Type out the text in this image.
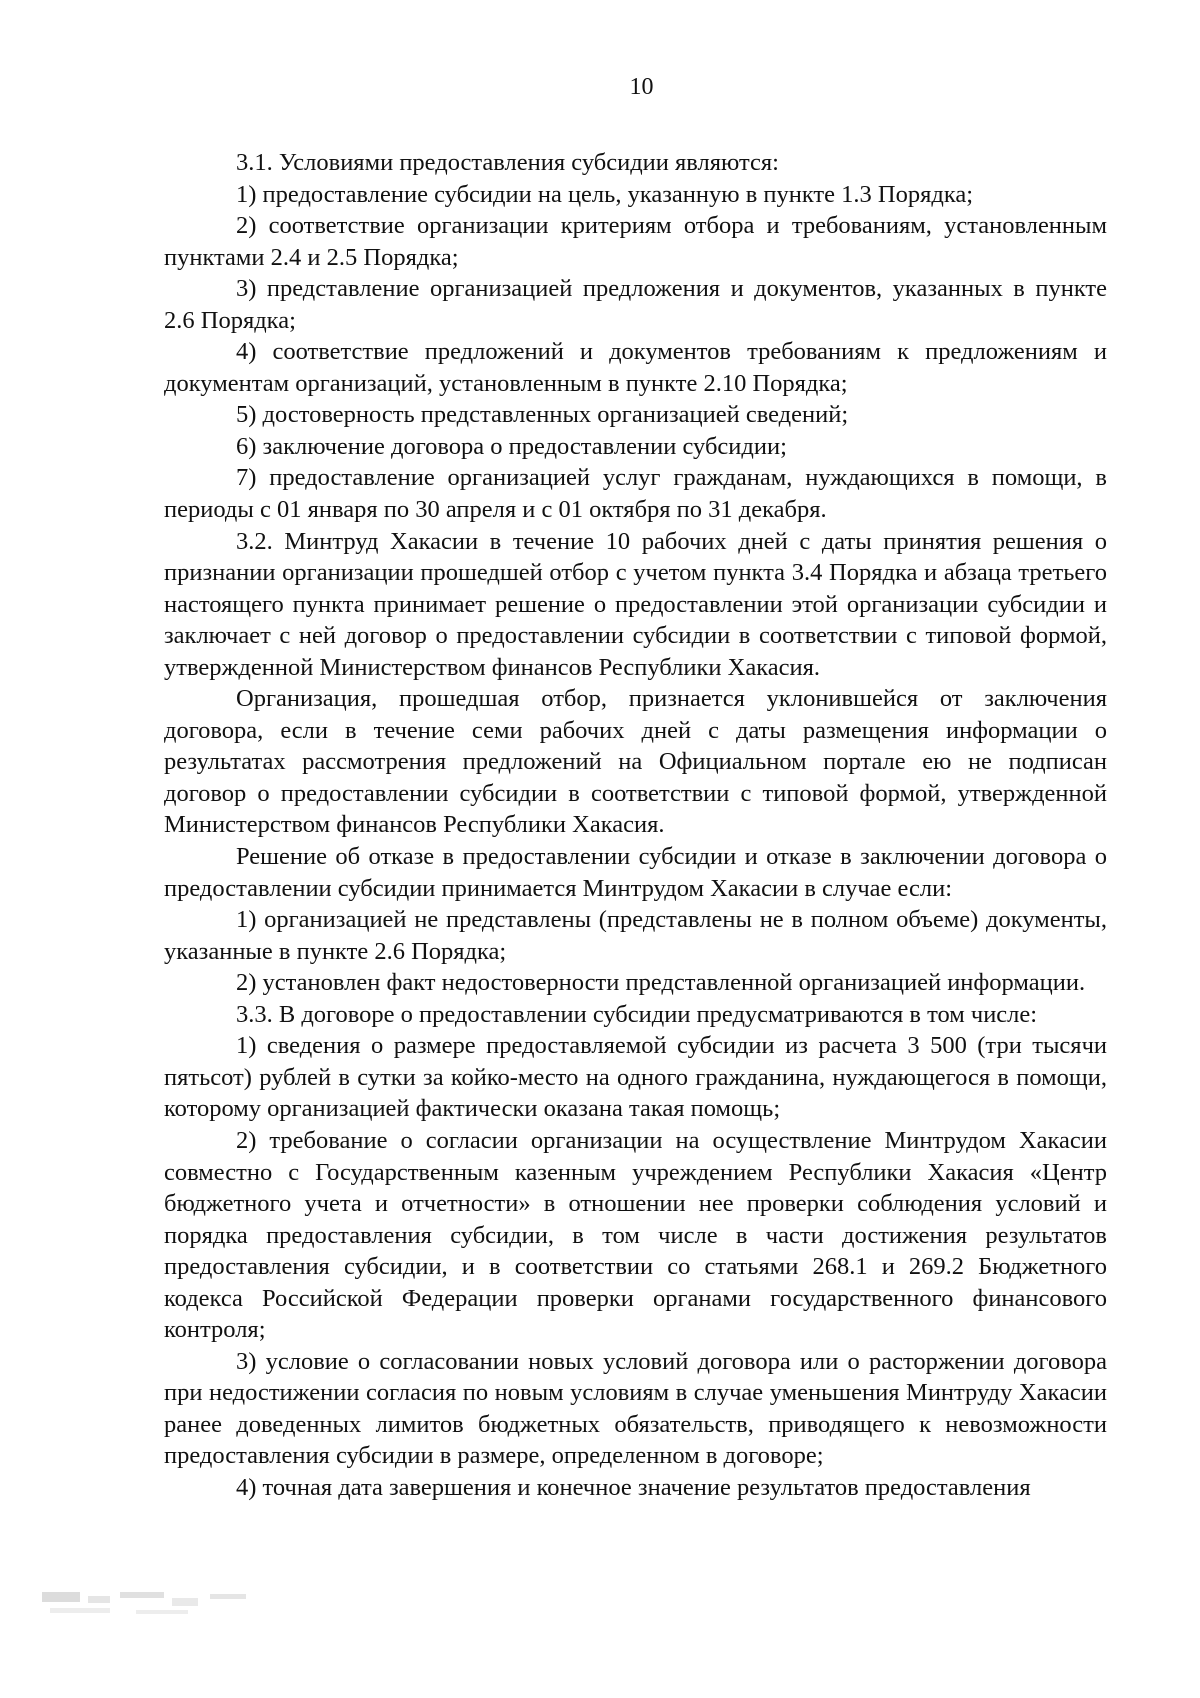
10

3.1. Условиями предоставления субсидии являются:

1) предоставление субсидии на цель, указанную в пункте 1.3 Порядка;

2) соответствие организации критериям отбора и требованиям, установленным пунктами 2.4 и 2.5 Порядка;

3) представление организацией предложения и документов, указанных в пункте 2.6 Порядка;

4) соответствие предложений и документов требованиям к предложениям и документам организаций, установленным в пункте 2.10 Порядка;

5) достоверность представленных организацией сведений;

6) заключение договора о предоставлении субсидии;

7) предоставление организацией услуг гражданам, нуждающихся в помощи, в периоды с 01 января по 30 апреля и с 01 октября по 31 декабря.

3.2. Минтруд Хакасии в течение 10 рабочих дней с даты принятия решения о признании организации прошедшей отбор с учетом пункта 3.4 Порядка и абзаца третьего настоящего пункта принимает решение о предоставлении этой организации субсидии и заключает с ней договор о предоставлении субсидии в соответствии с типовой формой, утвержденной Министерством финансов Республики Хакасия.

Организация, прошедшая отбор, признается уклонившейся от заключения договора, если в течение семи рабочих дней с даты размещения информации о результатах рассмотрения предложений на Официальном портале ею не подписан договор о предоставлении субсидии в соответствии с типовой формой, утвержденной Министерством финансов Республики Хакасия.

Решение об отказе в предоставлении субсидии и отказе в заключении договора о предоставлении субсидии принимается Минтрудом Хакасии в случае если:

1) организацией не представлены (представлены не в полном объеме) документы, указанные в пункте 2.6 Порядка;

2) установлен факт недостоверности представленной организацией информации.

3.3. В договоре о предоставлении субсидии предусматриваются в том числе:

1) сведения о размере предоставляемой субсидии из расчета 3 500 (три тысячи пятьсот) рублей в сутки за койко-место на одного гражданина, нуждающегося в помощи, которому организацией фактически оказана такая помощь;

2) требование о согласии организации на осуществление Минтрудом Хакасии совместно с Государственным казенным учреждением Республики Хакасия «Центр бюджетного учета и отчетности» в отношении нее проверки соблюдения условий и порядка предоставления субсидии, в том числе в части достижения результатов предоставления субсидии, и в соответствии со статьями 268.1 и 269.2 Бюджетного кодекса Российской Федерации проверки органами государственного финансового контроля;

3) условие о согласовании новых условий договора или о расторжении договора при недостижении согласия по новым условиям в случае уменьшения Минтруду Хакасии ранее доведенных лимитов бюджетных обязательств, приводящего к невозможности предоставления субсидии в размере, определенном в договоре;

4) точная дата завершения и конечное значение результатов предоставления
